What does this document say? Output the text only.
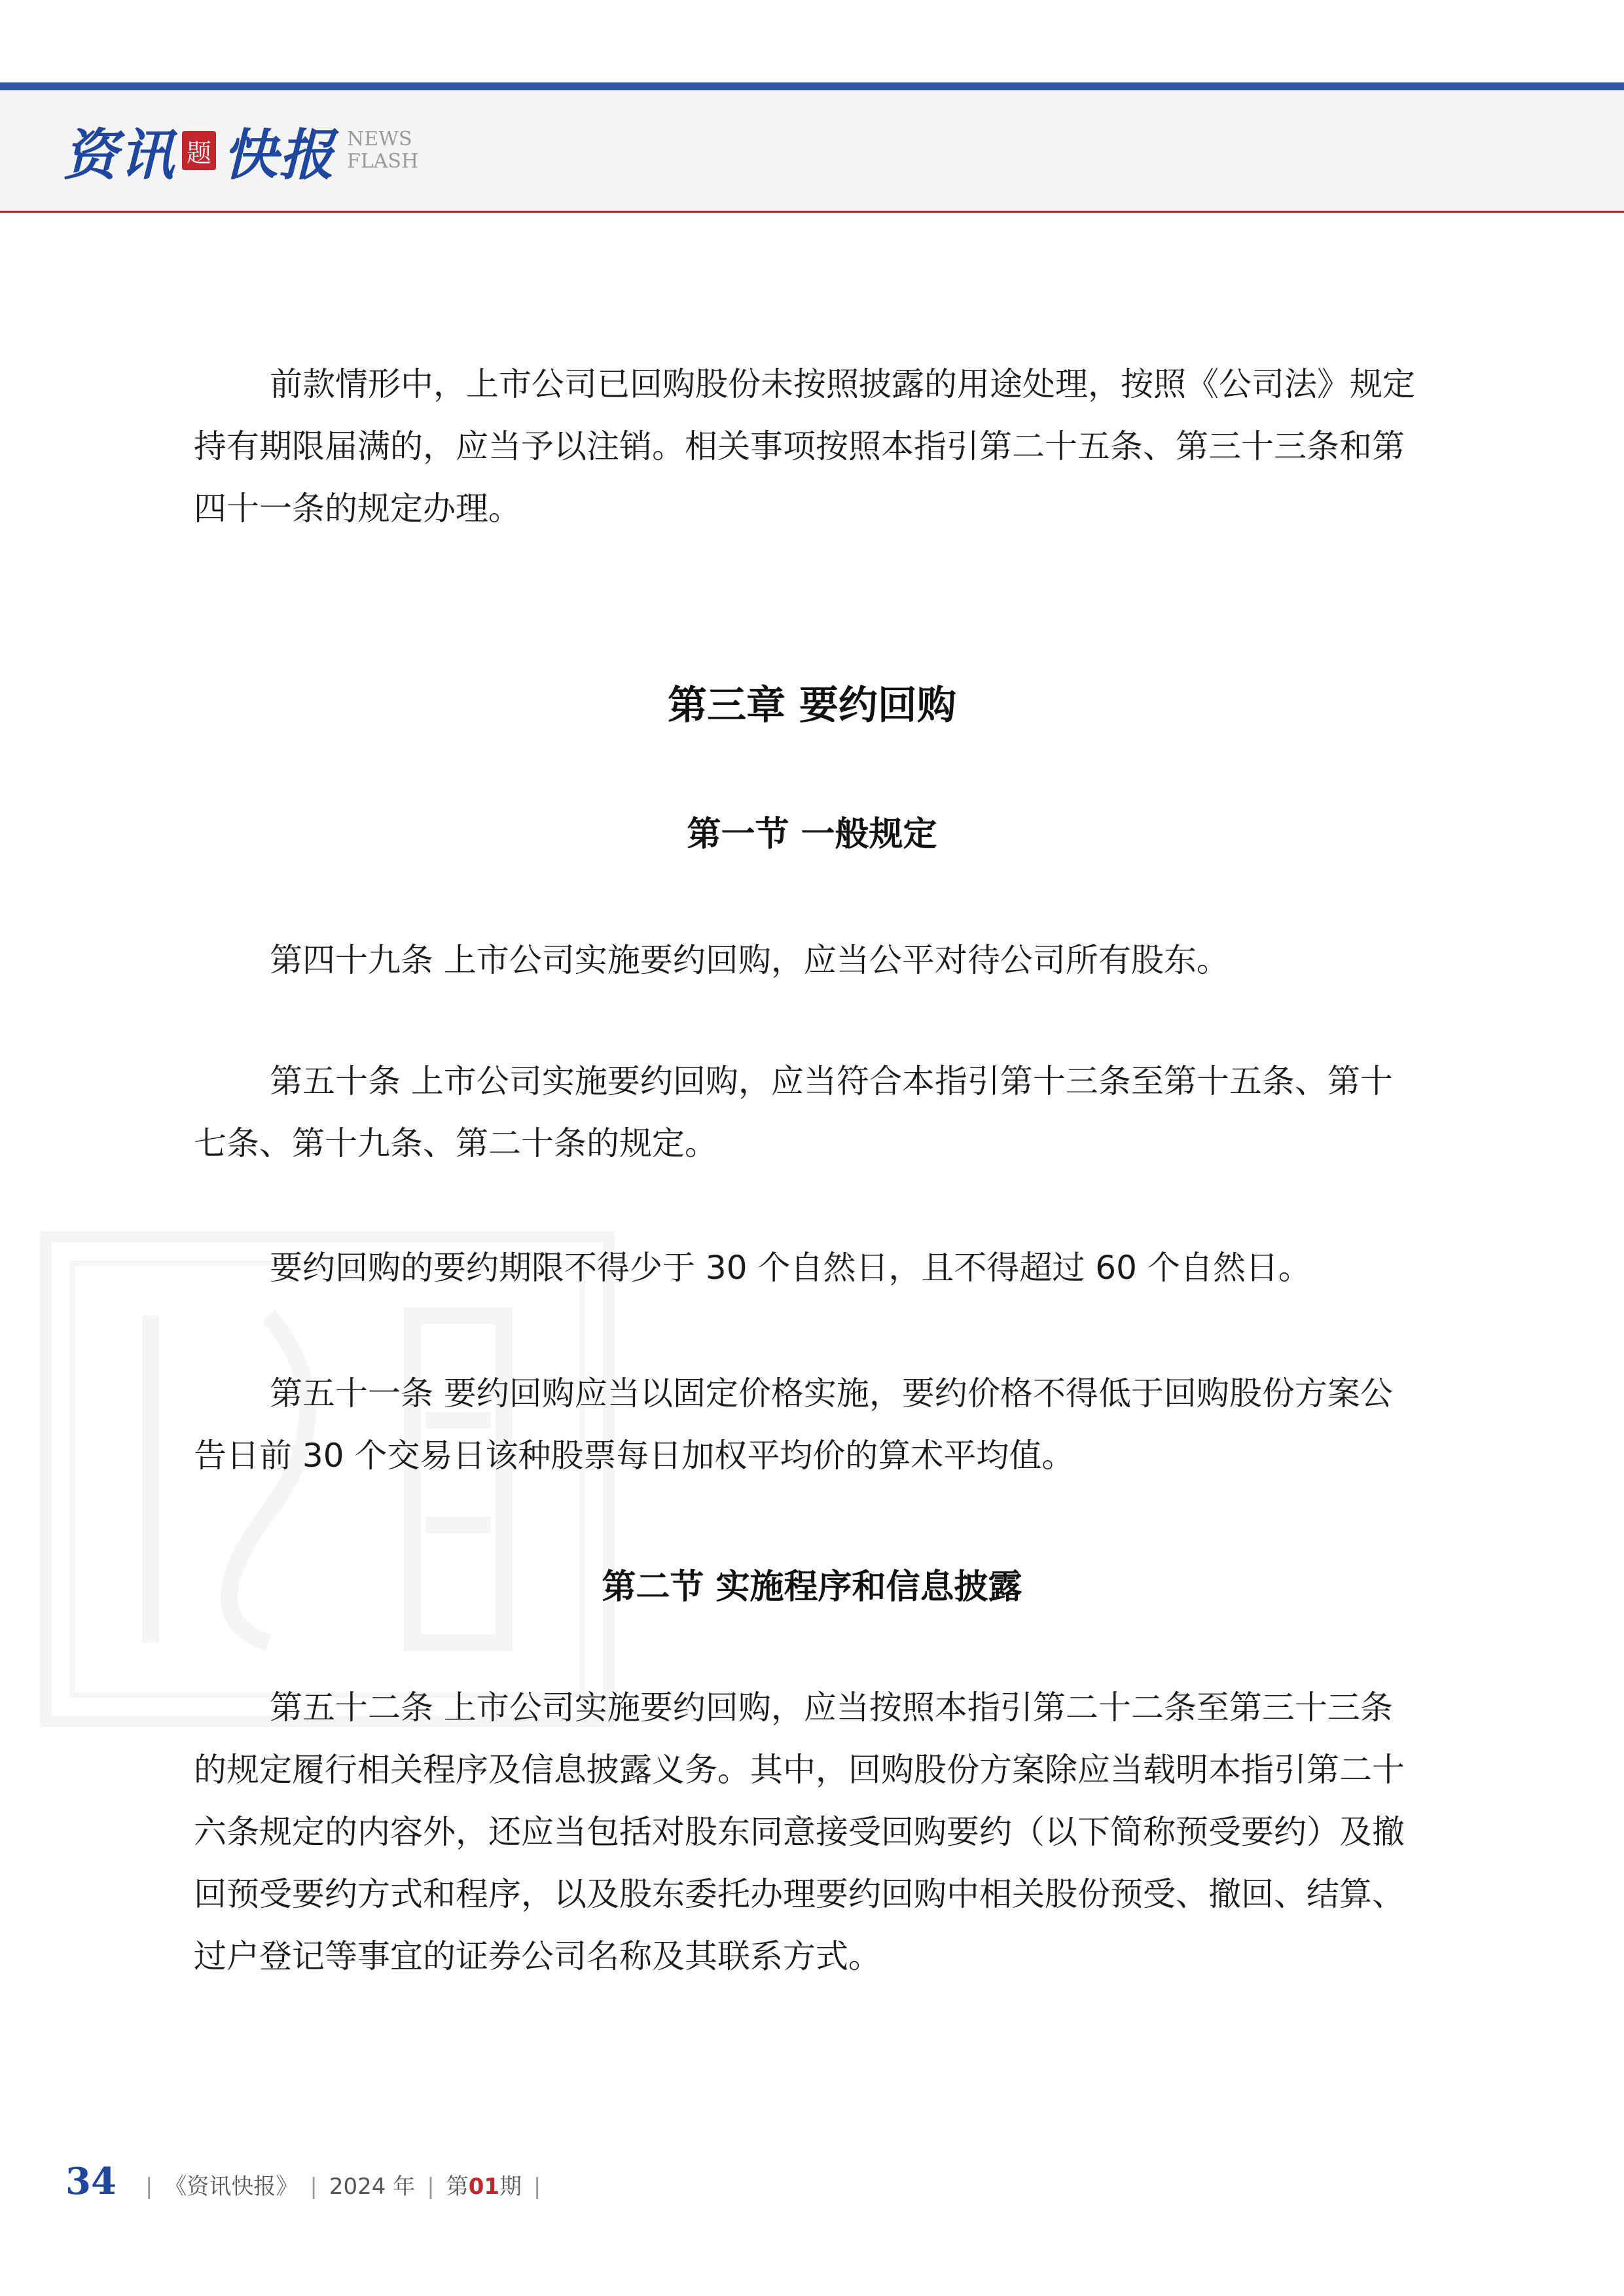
资讯 题 快报 NEWS
FLASH

前款情形中，上市公司已回购股份未按照披露的用途处理，按照《公司法》规定持有期限届满的，应当予以注销。相关事项按照本指引第二十五条、第三十三条和第四十一条的规定办理。

第三章 要约回购
第一节 一般规定

第四十九条 上市公司实施要约回购，应当公平对待公司所有股东。

第五十条 上市公司实施要约回购，应当符合本指引第十三条至第十五条、第十七条、第十九条、第二十条的规定。

要约回购的要约期限不得少于 30 个自然日，且不得超过 60 个自然日。

第五十一条 要约回购应当以固定价格实施，要约价格不得低于回购股份方案公告日前 30 个交易日该种股票每日加权平均价的算术平均值。

第二节 实施程序和信息披露

第五十二条 上市公司实施要约回购，应当按照本指引第二十二条至第三十三条的规定履行相关程序及信息披露义务。其中，回购股份方案除应当载明本指引第二十六条规定的内容外，还应当包括对股东同意接受回购要约（以下简称预受要约）及撤回预受要约方式和程序，以及股东委托办理要约回购中相关股份预受、撤回、结算、过户登记等事宜的证券公司名称及其联系方式。

34 | 《资讯快报》 | 2024 年 | 第 01 期 |
